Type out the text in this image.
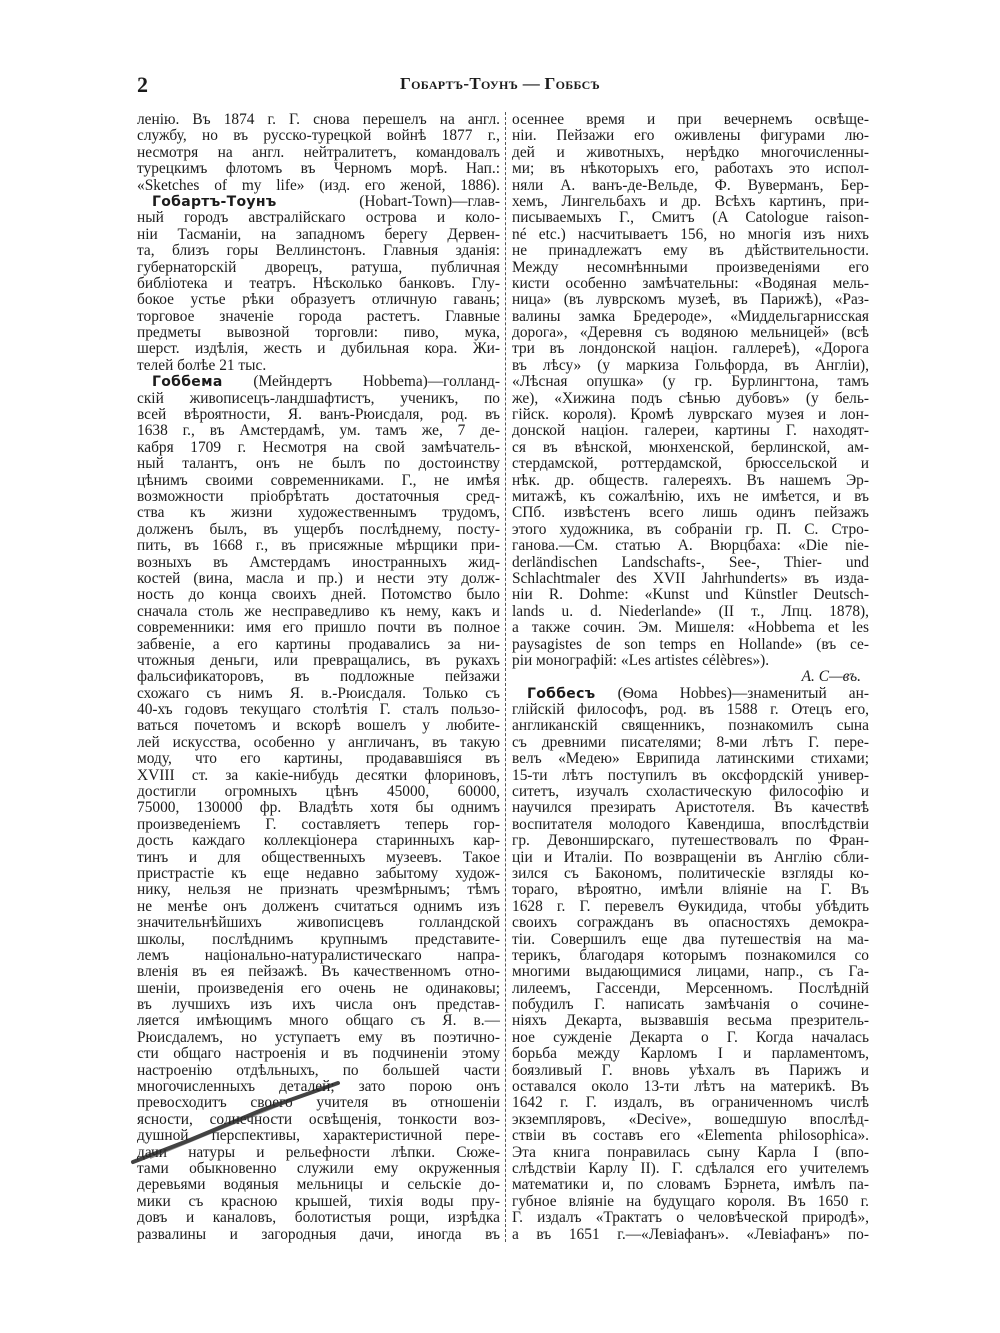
2	Гобартъ-Тоунъ — Гоббсъ
ленію. Въ 1874 г. Г. снова перешелъ на англ.
службу, но въ русско-турецкой войнѣ 1877 г.,
несмотря на англ. нейтралитетъ, командовалъ
турецкимъ флотомъ въ Черномъ морѣ. Нап.:
«Sketches of my life» (изд. его женой, 1886).
Гобартъ-Тоунъ (Hobart-Town)—глав-
ный городъ австралійскаго острова и коло-
ніи Тасманіи, на западномъ берегу Дервен-
та, близъ горы Веллинстонъ. Главныя зданія:
губернаторскій дворецъ, ратуша, публичная
библіотека и театръ. Нѣсколько банковъ. Глу-
бокое устье рѣки образуетъ отличную гавань;
торговое значеніе города растетъ. Главные
предметы вывозной торговли: пиво, мука,
шерст. издѣлія, жесть и дубильная кора. Жи-
телей болѣе 21 тыс.
Гоббема (Мейндертъ Hobbema)—голланд-
скій живописецъ-ландшафтистъ, ученикъ, по
всей вѣроятности, Я. ванъ-Рюисдаля, род. въ
1638 г., въ Амстердамѣ, ум. тамъ же, 7 де-
кабря 1709 г. Несмотря на свой замѣчатель-
ный талантъ, онъ не былъ по достоинству
цѣнимъ своими современниками. Г., не имѣя
возможности пріобрѣтать достаточныя сред-
ства къ жизни художественнымъ трудомъ,
долженъ былъ, въ ущербъ послѣднему, посту-
пить, въ 1668 г., въ присяжные мѣрщики при-
возныхъ въ Амстердамъ иностранныхъ жид-
костей (вина, масла и пр.) и нести эту долж-
ность до конца своихъ дней. Потомство было
сначала столь же несправедливо къ нему, какъ и
современники: имя его пришло почти въ полное
забвеніе, а его картины продавались за ни-
чтожныя деньги, или превращались, въ рукахъ
фальсификаторовъ, въ подложные пейзажи
схожаго съ нимъ Я. в.-Рюисдаля. Только съ
40-хъ годовъ текущаго столѣтія Г. сталъ пользо-
ваться почетомъ и вскорѣ вошелъ у любите-
лей искусства, особенно у англичанъ, въ такую
моду, что его картины, продававшіяся въ
XVIII ст. за какіе-нибудь десятки флориновъ,
достигли огромныхъ цѣнъ 45000, 60000,
75000, 130000 фр. Владѣть хотя бы однимъ
произведеніемъ Г. составляетъ теперь гор-
дость каждаго коллекціонера старинныхъ кар-
тинъ и для общественныхъ музеевъ. Такое
пристрастіе къ еще недавно забытому худож-
нику, нельзя не признать чрезмѣрнымъ; тѣмъ
не менѣе онъ долженъ считаться однимъ изъ
значительнѣйшихъ живописцевъ голландской
школы, послѣднимъ крупнымъ представите-
лемъ національно-натуралистическаго напра-
вленія въ ея пейзажѣ. Въ качественномъ отно-
шеніи, произведенія его очень не одинаковы;
въ лучшихъ изъ ихъ числа онъ представ-
ляется имѣющимъ много общаго съ Я. в.—
Рюисдалемъ, но уступаетъ ему въ поэтично-
сти общаго настроенія и въ подчиненіи этому
настроенію отдѣльныхъ, по большей части
многочисленныхъ деталей; зато порою онъ
превосходитъ своего учителя въ отношеніи
ясности, солнечности освѣщенія, тонкости воз-
душной перспективы, характеристичной пере-
дачи натуры и рельефности лѣпки. Сюже-
тами обыкновенно служили ему окруженныя
деревьями водяныя мельницы и сельскіе до-
мики съ красною крышей, тихія воды пру-
довъ и каналовъ, болотистыя рощи, изрѣдка
развалины и загородныя дачи, иногда въ
осеннее время и при вечернемъ освѣще-
ніи. Пейзажи его оживлены фигурами лю-
дей и животныхъ, нерѣдко многочисленны-
ми; въ нѣкоторыхъ его, работахъ это испол-
няли А. ванъ-де-Вельде, Ф. Вуверманъ, Бер-
хемъ, Лингельбахъ и др. Всѣхъ картинъ, при-
писываемыхъ Г., Смитъ (A Catologue raison-
né etc.) насчитываетъ 156, но многія изъ нихъ
не принадлежатъ ему въ дѣйствительности.
Между несомнѣнными произведеніями его
кисти особенно замѣчательны: «Водяная мель-
ница» (въ луврскомъ музеѣ, въ Парижѣ), «Раз-
валины замка Бредероде», «Миддельгарнисская
дорога», «Деревня съ водяною мельницей» (всѣ
три въ лондонской націон. галлереѣ), «Дорога
въ лѣсу» (у маркиза Гольфорда, въ Англіи),
«Лѣсная опушка» (у гр. Бурлингтона, тамъ
же), «Хижина подъ сѣнью дубовъ» (у бель-
гійск. короля). Кромѣ луврскаго музея и лон-
донской націон. галереи, картины Г. находят-
ся въ вѣнской, мюнхенской, берлинской, ам-
стердамской, роттердамской, брюссельской и
нѣк. др. обществ. галереяхъ. Въ нашемъ Эр-
митажѣ, къ сожалѣнію, ихъ не имѣется, и въ
СПб. извѣстенъ всего лишь одинъ пейзажъ
этого художника, въ собраніи гр. П. С. Стро-
ганова.—См. статью А. Вюрцбаха: «Die nie-
derländischen Landschafts-, See-, Thier- und
Schlachtmaler des XVII Jahrhunderts» въ изда-
ніи R. Dohme: «Kunst und Künstler Deutsch-
lands u. d. Niederlande» (II т., Лпц. 1878),
а также сочин. Эм. Мишеля: «Hobbema et les
paysagistes de son temps en Hollande» (въ се-
ріи монографій: «Les artistes célèbres»).
А. С—въ.
Гоббесъ (Ѳома Hobbes)—знаменитый ан-
глійскій философъ, род. въ 1588 г. Отецъ его,
англиканскій священникъ, познакомилъ сына
съ древними писателями; 8-ми лѣтъ Г. пере-
велъ «Медею» Еврипида латинскими стихами;
15-ти лѣтъ поступилъ въ оксфордскій универ-
ситетъ, изучалъ схоластическую философію и
научился презирать Аристотеля. Въ качествѣ
воспитателя молодого Кавендиша, впослѣдствіи
гр. Девонширскаго, путешествовалъ по Фран-
ціи и Италіи. По возвращеніи въ Англію сбли-
зился съ Бакономъ, политическіе взгляды ко-
тораго, вѣроятно, имѣли вліяніе на Г. Въ
1628 г. Г. перевелъ Ѳукидида, чтобы убѣдить
своихъ согражданъ въ опасностяхъ демокра-
тіи. Совершилъ еще два путешествія на ма-
терикъ, благодаря которымъ познакомился со
многими выдающимися лицами, напр., съ Га-
лилеемъ, Гассенди, Мерсенномъ. Послѣдній
побудилъ Г. написать замѣчанія о сочине-
ніяхъ Декарта, вызвавшія весьма презритель-
ное сужденіе Декарта о Г. Когда началась
борьба между Карломъ I и парламентомъ,
боязливый Г. вновь уѣхалъ въ Парижъ и
оставался около 13-ти лѣтъ на материкѣ. Въ
1642 г. Г. издалъ, въ ограниченномъ числѣ
экземпляровъ, «Decive», вошедшую впослѣд-
ствіи въ составъ его «Elementa philosophica».
Эта книга понравилась сыну Карла I (впо-
слѣдствіи Карлу II). Г. сдѣлался его учителемъ
математики и, по словамъ Бэрнета, имѣлъ па-
губное вліяніе на будущаго короля. Въ 1650 г.
Г. издалъ «Трактатъ о человѣческой природѣ»,
а въ 1651 г.—«Левіафанъ». «Левіафанъ» по-
